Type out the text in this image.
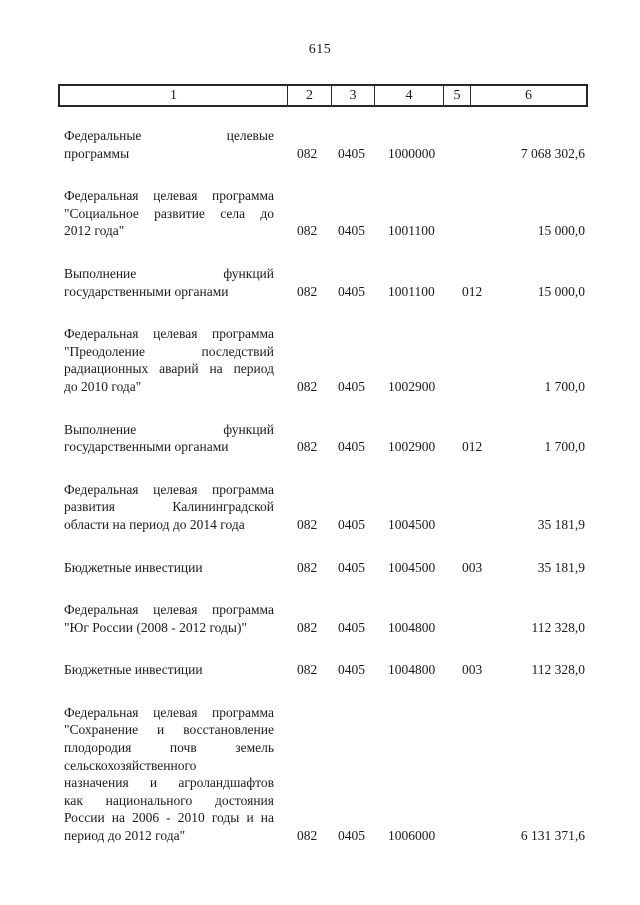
615
1	2	3	4	5	6
Федеральные целевые
программы	082 0405 1000000	7 068 302,6
Федеральная целевая программа
"Социальное развитие села до
2012 года"	082 0405 1001100	15 000,0
Выполнение функций
государственными органами	082 0405 1001100 012	15 000,0
Федеральная целевая программа
"Преодоление последствий
радиационных аварий на период
до 2010 года"	082 0405 1002900	1 700,0
Выполнение функций
государственными органами	082 0405 1002900 012	1 700,0
Федеральная целевая программа
развития Калининградской
области на период до 2014 года	082 0405 1004500	35 181,9
Бюджетные инвестиции	082 0405 1004500 003	35 181,9
Федеральная целевая программа
"Юг России (2008 - 2012 годы)"	082 0405 1004800	112 328,0
Бюджетные инвестиции	082 0405 1004800 003	112 328,0
Федеральная целевая программа
"Сохранение и восстановление
плодородия почв земель
сельскохозяйственного
назначения и агроландшафтов
как национального достояния
России на 2006 - 2010 годы и на
период до 2012 года"	082 0405 1006000	6 131 371,6
